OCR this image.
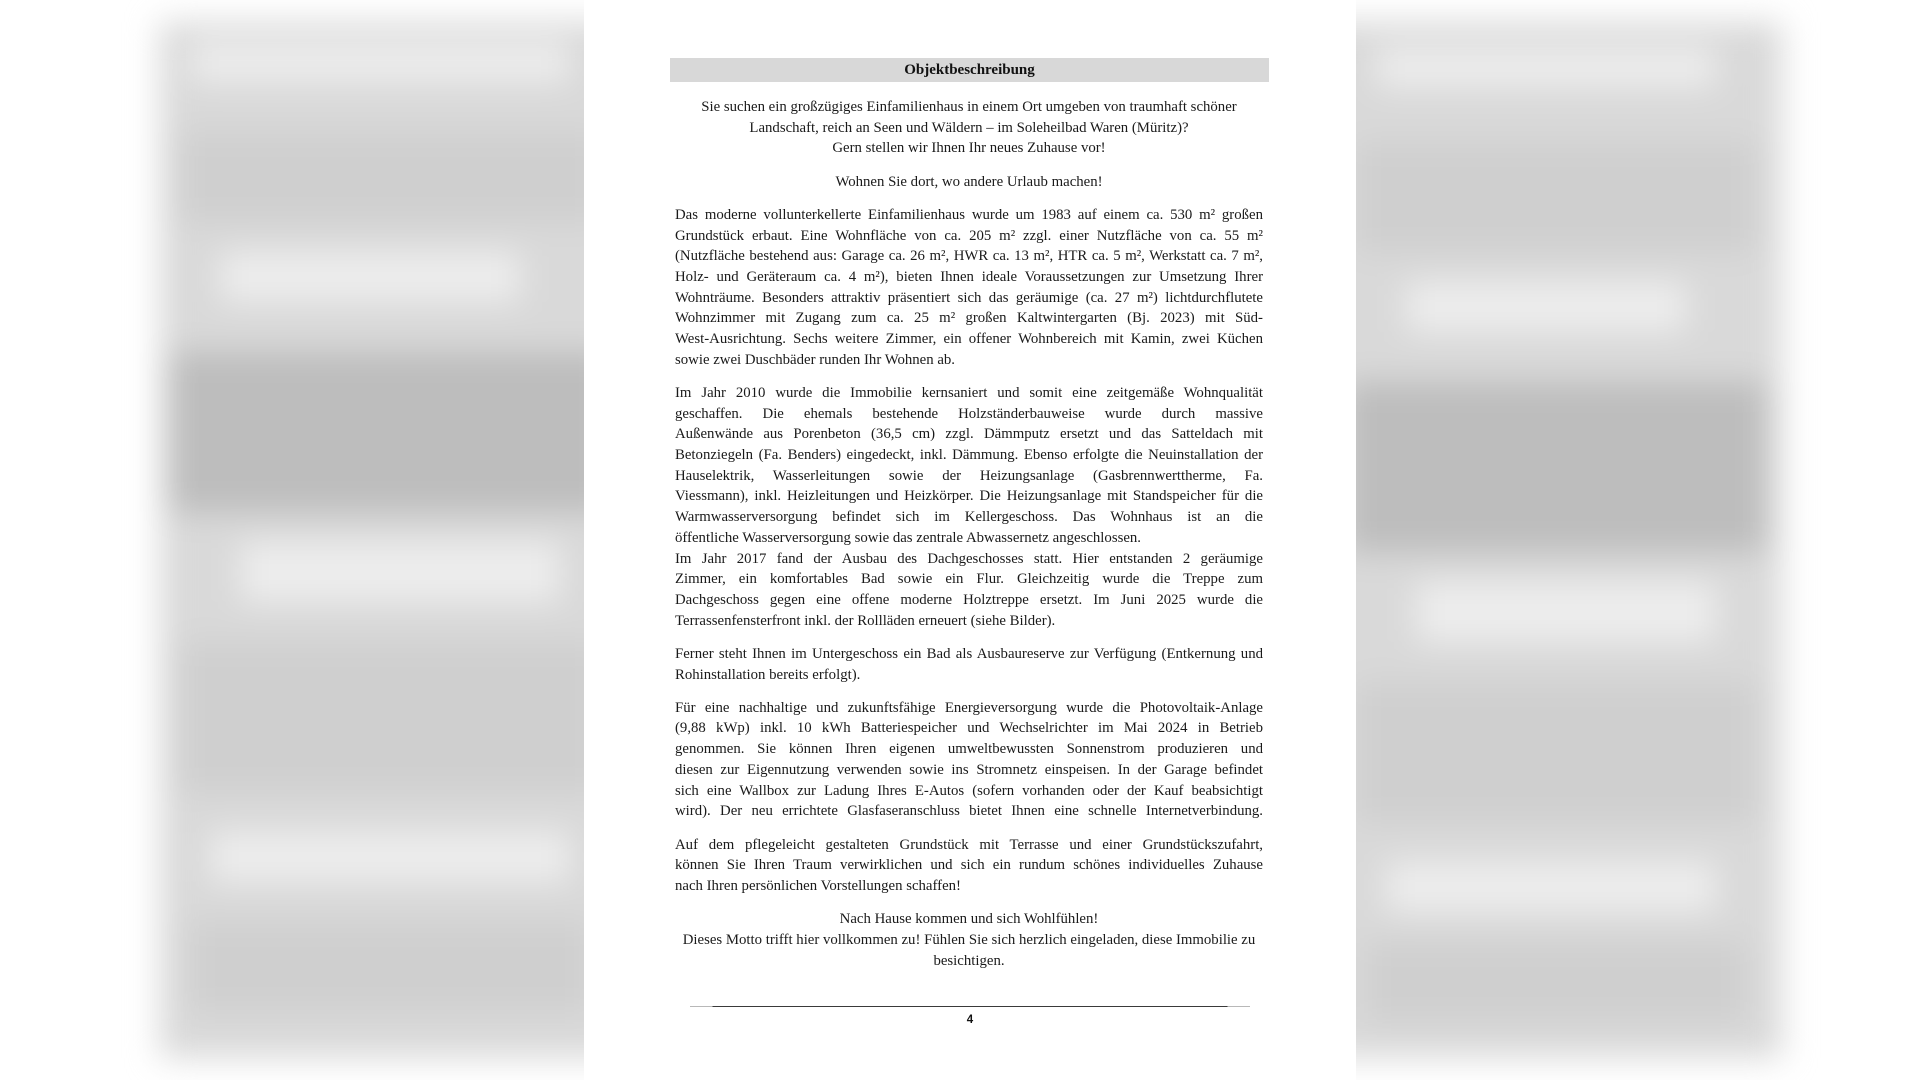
Objektbeschreibung
Sie suchen ein großzügiges Einfamilienhaus in einem Ort umgeben von traumhaft schöner
Landschaft, reich an Seen und Wäldern – im Soleheilbad Waren (Müritz)?
Gern stellen wir Ihnen Ihr neues Zuhause vor!
Wohnen Sie dort, wo andere Urlaub machen!
Das moderne vollunterkellerte Einfamilienhaus wurde um 1983 auf einem ca. 530 m² großen
Grundstück erbaut. Eine Wohnfläche von ca. 205 m² zzgl. einer Nutzfläche von ca. 55 m²
(Nutzfläche bestehend aus: Garage ca. 26 m², HWR ca. 13 m², HTR ca. 5 m², Werkstatt ca. 7 m²,
Holz- und Geräteraum ca. 4 m²), bieten Ihnen ideale Voraussetzungen zur Umsetzung Ihrer
Wohnträume. Besonders attraktiv präsentiert sich das geräumige (ca. 27 m²) lichtdurchflutete
Wohnzimmer mit Zugang zum ca. 25 m² großen Kaltwintergarten (Bj. 2023) mit Süd-
West-Ausrichtung. Sechs weitere Zimmer, ein offener Wohnbereich mit Kamin, zwei Küchen
sowie zwei Duschbäder runden Ihr Wohnen ab.
Im Jahr 2010 wurde die Immobilie kernsaniert und somit eine zeitgemäße Wohnqualität
geschaffen. Die ehemals bestehende Holzständerbauweise wurde durch massive
Außenwände aus Porenbeton (36,5 cm) zzgl. Dämmputz ersetzt und das Satteldach mit
Betonziegeln (Fa. Benders) eingedeckt, inkl. Dämmung. Ebenso erfolgte die Neuinstallation der
Hauselektrik, Wasserleitungen sowie der Heizungsanlage (Gasbrennwerttherme, Fa.
Viessmann), inkl. Heizleitungen und Heizkörper. Die Heizungsanlage mit Standspeicher für die
Warmwasserversorgung befindet sich im Kellergeschoss. Das Wohnhaus ist an die
öffentliche Wasserversorgung sowie das zentrale Abwassernetz angeschlossen.
Im Jahr 2017 fand der Ausbau des Dachgeschosses statt. Hier entstanden 2 geräumige
Zimmer, ein komfortables Bad sowie ein Flur. Gleichzeitig wurde die Treppe zum
Dachgeschoss gegen eine offene moderne Holztreppe ersetzt. Im Juni 2025 wurde die
Terrassenfensterfront inkl. der Rollläden erneuert (siehe Bilder).
Ferner steht Ihnen im Untergeschoss ein Bad als Ausbaureserve zur Verfügung (Entkernung und
Rohinstallation bereits erfolgt).
Für eine nachhaltige und zukunftsfähige Energieversorgung wurde die Photovoltaik-Anlage
(9,88 kWp) inkl. 10 kWh Batteriespeicher und Wechselrichter im Mai 2024 in Betrieb
genommen. Sie können Ihren eigenen umweltbewussten Sonnenstrom produzieren und
diesen zur Eigennutzung verwenden sowie ins Stromnetz einspeisen. In der Garage befindet
sich eine Wallbox zur Ladung Ihres E-Autos (sofern vorhanden oder der Kauf beabsichtigt
wird). Der neu errichtete Glasfaseranschluss bietet Ihnen eine schnelle Internetverbindung.
Auf dem pflegeleicht gestalteten Grundstück mit Terrasse und einer Grundstückszufahrt,
können Sie Ihren Traum verwirklichen und sich ein rundum schönes individuelles Zuhause
nach Ihren persönlichen Vorstellungen schaffen!
Nach Hause kommen und sich Wohlfühlen!
Dieses Motto trifft hier vollkommen zu! Fühlen Sie sich herzlich eingeladen, diese Immobilie zu
besichtigen.
4
